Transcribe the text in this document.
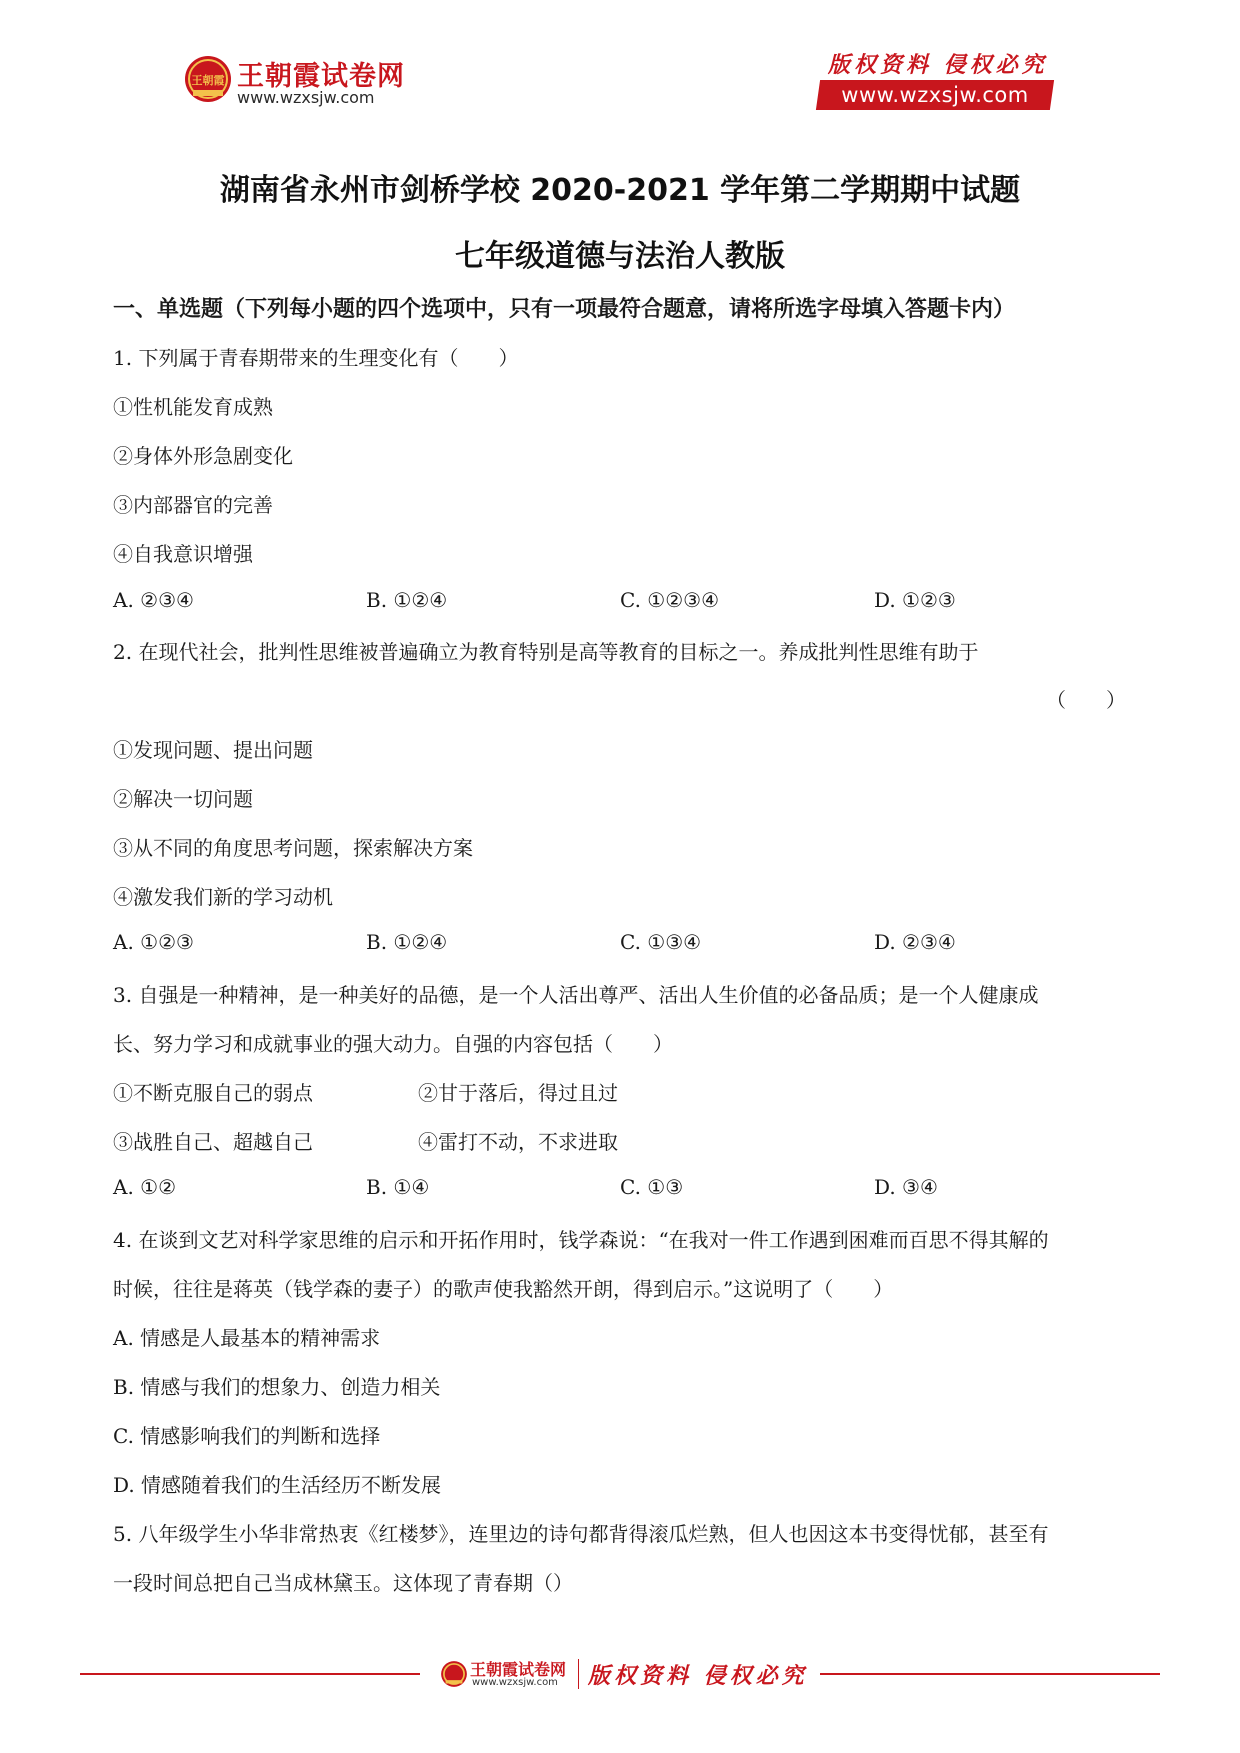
王朝霞 王朝霞试卷网
www.wzxsjw.com
版权资料 侵权必究
www.wzxsjw.com
湖南省永州市剑桥学校 2020-2021 学年第二学期期中试题
七年级道德与法治人教版
一、单选题（下列每小题的四个选项中，只有一项最符合题意，请将所选字母填入答题卡内）
1. 下列属于青春期带来的生理变化有（　　）
①性机能发育成熟
②身体外形急剧变化
③内部器官的完善
④自我意识增强
A. ②③④	B. ①②④	C. ①②③④	D. ①②③
2. 在现代社会，批判性思维被普遍确立为教育特别是高等教育的目标之一。养成批判性思维有助于
（　　）
①发现问题、提出问题
②解决一切问题
③从不同的角度思考问题，探索解决方案
④激发我们新的学习动机
A. ①②③	B. ①②④	C. ①③④	D. ②③④
3. 自强是一种精神，是一种美好的品德，是一个人活出尊严、活出人生价值的必备品质；是一个人健康成
长、努力学习和成就事业的强大动力。自强的内容包括（　　）
①不断克服自己的弱点	②甘于落后，得过且过
③战胜自己、超越自己	④雷打不动，不求进取
A. ①②	B. ①④	C. ①③	D. ③④
4. 在谈到文艺对科学家思维的启示和开拓作用时，钱学森说：“在我对一件工作遇到困难而百思不得其解的
时候，往往是蒋英（钱学森的妻子）的歌声使我豁然开朗，得到启示。”这说明了（　　）
A. 情感是人最基本的精神需求
B. 情感与我们的想象力、创造力相关
C. 情感影响我们的判断和选择
D. 情感随着我们的生活经历不断发展
5. 八年级学生小华非常热衷《红楼梦》，连里边的诗句都背得滚瓜烂熟，但人也因这本书变得忧郁，甚至有
一段时间总把自己当成林黛玉。这体现了青春期（）
王朝霞试卷网
www.wzxsjw.com 版权资料 侵权必究
